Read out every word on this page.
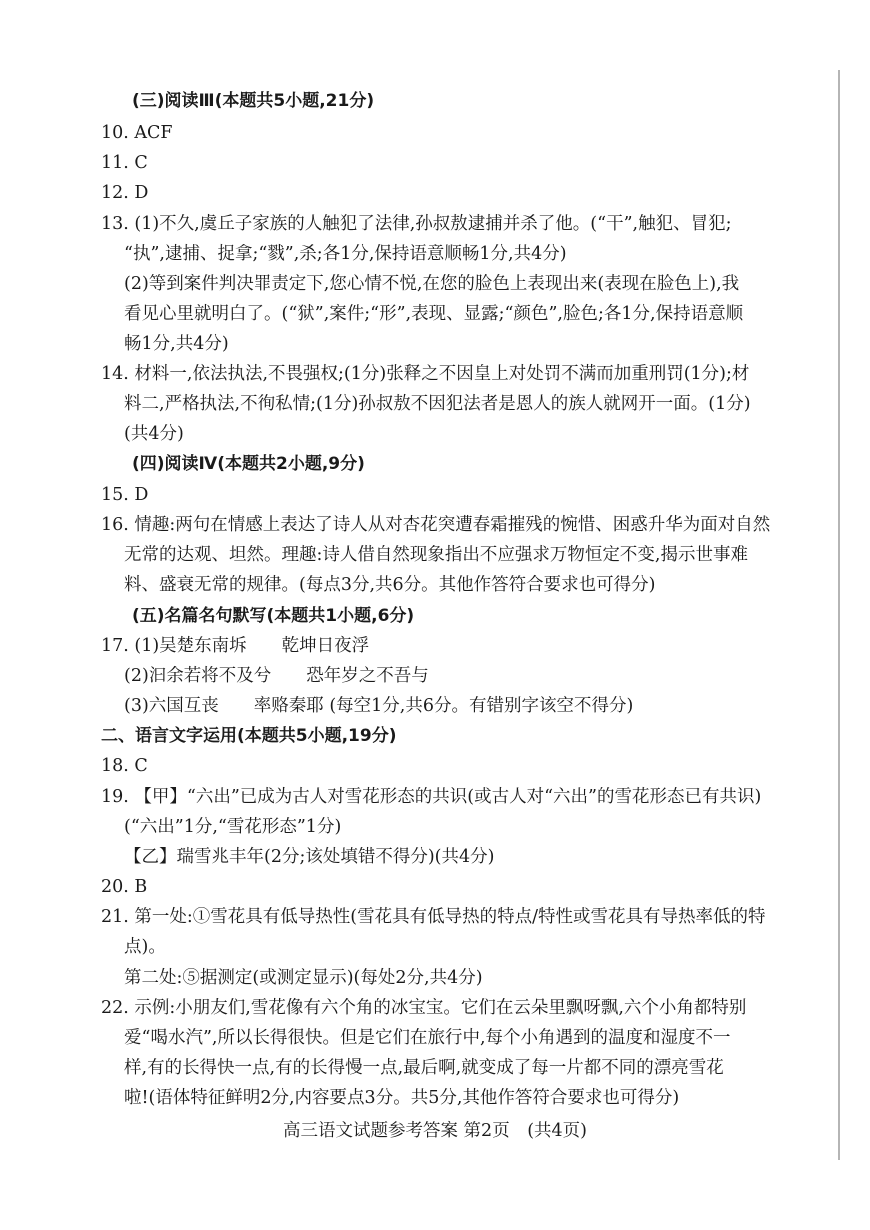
(三)阅读Ⅲ(本题共5小题,21分)
10. ACF
11. C
12. D
13. (1)不久,虞丘子家族的人触犯了法律,孙叔敖逮捕并杀了他。(“干”,触犯、冒犯;
“执”,逮捕、捉拿;“戮”,杀;各1分,保持语意顺畅1分,共4分)
(2)等到案件判决罪责定下,您心情不悦,在您的脸色上表现出来(表现在脸色上),我
看见心里就明白了。(“狱”,案件;“形”,表现、显露;“颜色”,脸色;各1分,保持语意顺
畅1分,共4分)
14. 材料一,依法执法,不畏强权;(1分)张释之不因皇上对处罚不满而加重刑罚(1分);材
料二,严格执法,不徇私情;(1分)孙叔敖不因犯法者是恩人的族人就网开一面。(1分)
(共4分)
(四)阅读Ⅳ(本题共2小题,9分)
15. D
16. 情趣:两句在情感上表达了诗人从对杏花突遭春霜摧残的惋惜、困惑升华为面对自然
无常的达观、坦然。理趣:诗人借自然现象指出不应强求万物恒定不变,揭示世事难
料、盛衰无常的规律。(每点3分,共6分。其他作答符合要求也可得分)
(五)名篇名句默写(本题共1小题,6分)
17. (1)吴楚东南坼　　乾坤日夜浮
(2)汩余若将不及兮　　恐年岁之不吾与
(3)六国互丧　　率赂秦耶 (每空1分,共6分。有错别字该空不得分)
二、语言文字运用(本题共5小题,19分)
18. C
19. 【甲】“六出”已成为古人对雪花形态的共识(或古人对“六出”的雪花形态已有共识)
(“六出”1分,“雪花形态”1分)
【乙】瑞雪兆丰年(2分;该处填错不得分)(共4分)
20. B
21. 第一处:①雪花具有低导热性(雪花具有低导热的特点/特性或雪花具有导热率低的特
点)。
第二处:⑤据测定(或测定显示)(每处2分,共4分)
22. 示例:小朋友们,雪花像有六个角的冰宝宝。它们在云朵里飘呀飘,六个小角都特别
爱“喝水汽”,所以长得很快。但是它们在旅行中,每个小角遇到的温度和湿度不一
样,有的长得快一点,有的长得慢一点,最后啊,就变成了每一片都不同的漂亮雪花
啦!(语体特征鲜明2分,内容要点3分。共5分,其他作答符合要求也可得分)
高三语文试题参考答案 第2页　(共4页)
